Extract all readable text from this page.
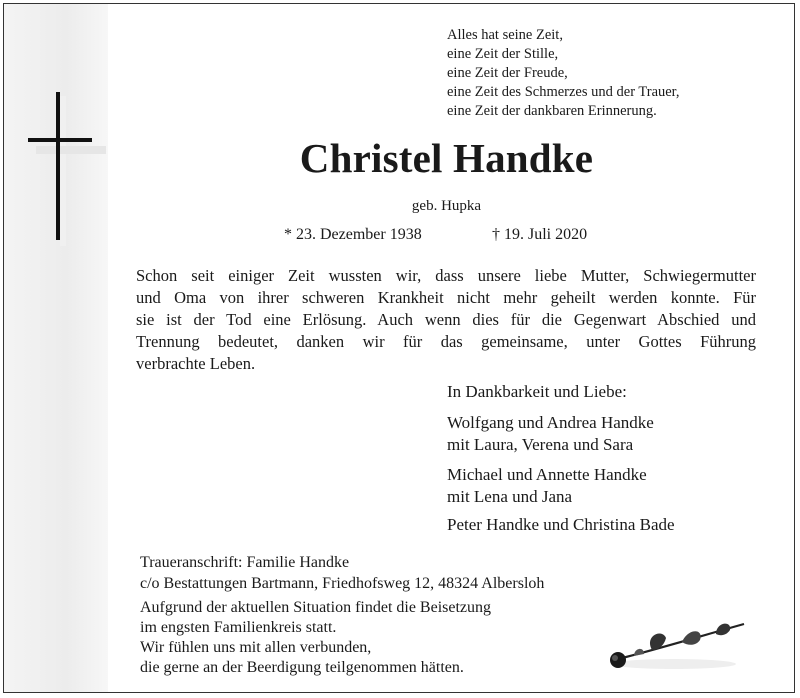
Alles hat seine Zeit,
eine Zeit der Stille,
eine Zeit der Freude,
eine Zeit des Schmerzes und der Trauer,
eine Zeit der dankbaren Erinnerung.
Christel Handke
geb. Hupka
* 23. Dezember 1938	† 19. Juli 2020
Schon seit einiger Zeit wussten wir, dass unsere liebe Mutter, Schwiegermutter
und Oma von ihrer schweren Krankheit nicht mehr geheilt werden konnte. Für
sie ist der Tod eine Erlösung. Auch wenn dies für die Gegenwart Abschied und
Trennung bedeutet, danken wir für das gemeinsame, unter Gottes Führung
verbrachte Leben.
In Dankbarkeit und Liebe:
Wolfgang und Andrea Handke
mit Laura, Verena und Sara
Michael und Annette Handke
mit Lena und Jana
Peter Handke und Christina Bade
Traueranschrift: Familie Handke
c/o Bestattungen Bartmann, Friedhofsweg 12, 48324 Albersloh
Aufgrund der aktuellen Situation findet die Beisetzung
im engsten Familienkreis statt.
Wir fühlen uns mit allen verbunden,
die gerne an der Beerdigung teilgenommen hätten.
